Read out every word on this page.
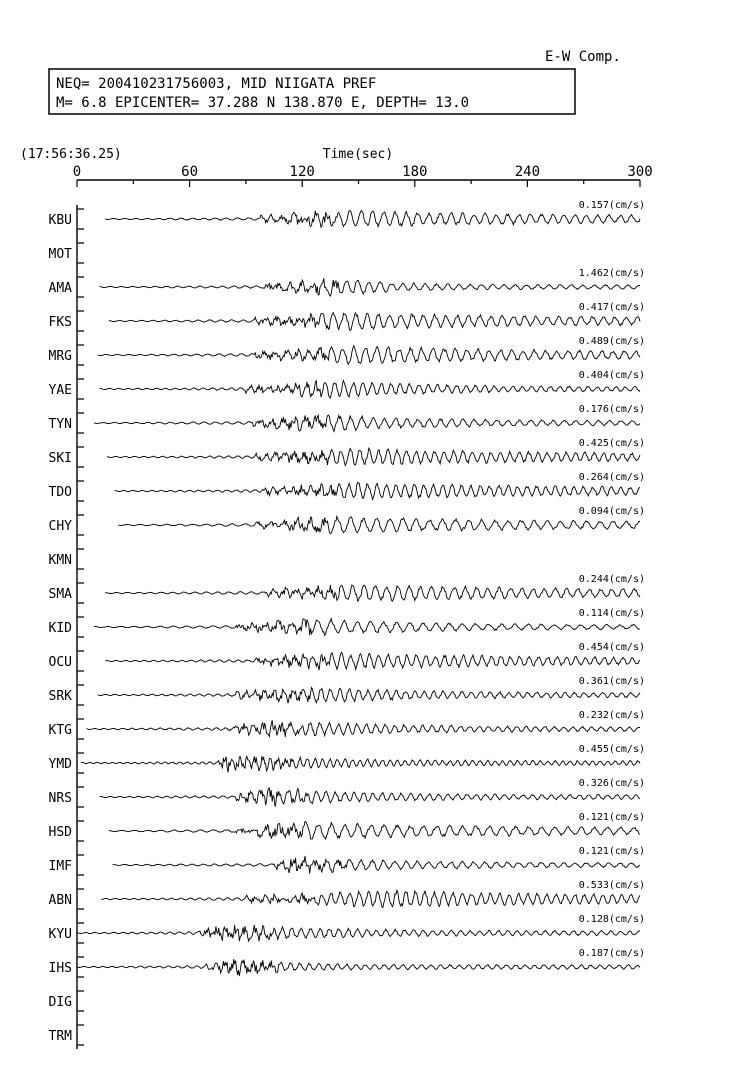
E-W Comp.
NEQ= 200410231756003, MID NIIGATA PREF
M= 6.8 EPICENTER= 37.288 N 138.870 E, DEPTH= 13.0
(17:56:36.25)	Time(sec)
0	60	120	180	240	300
KBU
0.157(cm/s)
MOT
AMA
1.462(cm/s)
FKS
0.417(cm/s)
MRG
0.489(cm/s)
YAE
0.404(cm/s)
TYN
0.176(cm/s)
SKI
0.425(cm/s)
TDO
0.264(cm/s)
CHY
0.094(cm/s)
KMN
SMA
0.244(cm/s)
KID
0.114(cm/s)
OCU
0.454(cm/s)
SRK
0.361(cm/s)
KTG
0.232(cm/s)
YMD
0.455(cm/s)
NRS
0.326(cm/s)
HSD
0.121(cm/s)
IMF
0.121(cm/s)
ABN
0.533(cm/s)
KYU
0.128(cm/s)
IHS
0.187(cm/s)
DIG
TRM
